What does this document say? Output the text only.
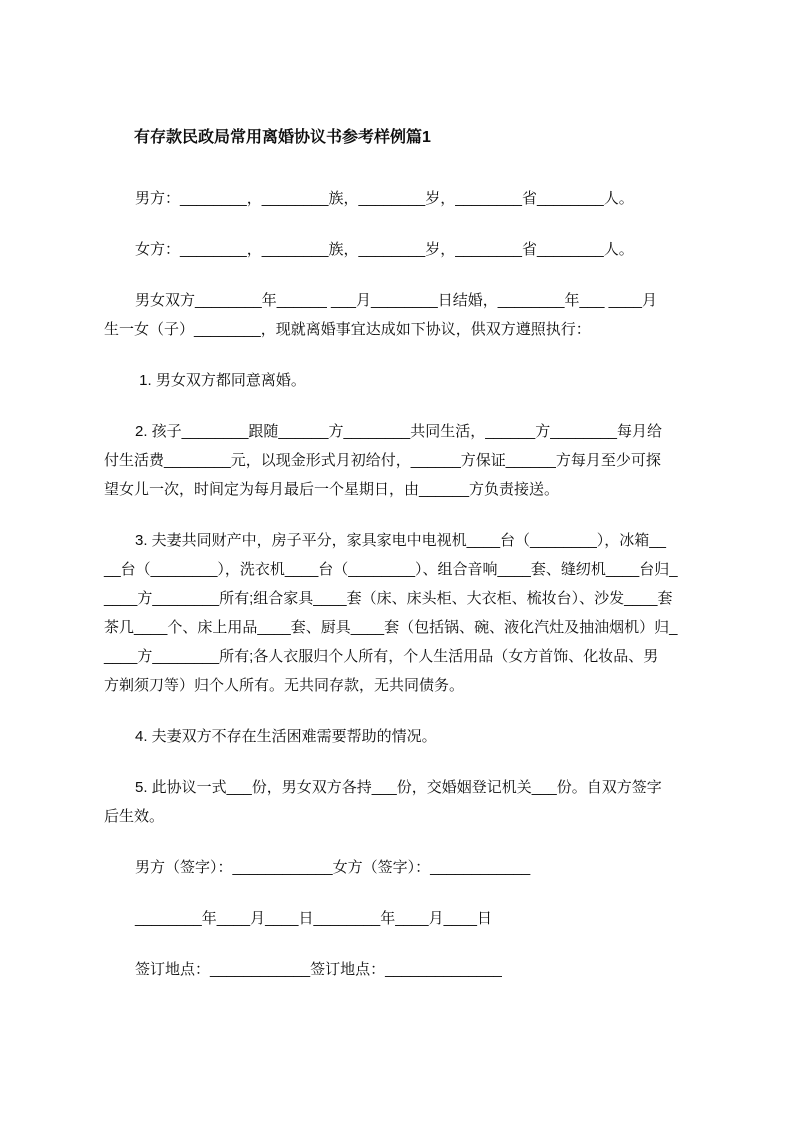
有存款民政局常用离婚协议书参考样例篇1
男方：________，________族，________岁，________省________人。
女方：________，________族，________岁，________省________人。
男女双方________年______ ___月________日结婚，________年___ ____月
生一女（子）________，现就离婚事宜达成如下协议，供双方遵照执行：
1. 男女双方都同意离婚。
2. 孩子________跟随______方________共同生活，______方________每月给
付生活费________元，以现金形式月初给付，______方保证______方每月至少可探
望女儿一次，时间定为每月最后一个星期日，由______方负责接送。
3. 夫妻共同财产中，房子平分，家具家电中电视机____台（________），冰箱__
__台（________），洗衣机____台（________）、组合音响____套、缝纫机____台归_
____方________所有;组合家具____套（床、床头柜、大衣柜、梳妆台）、沙发____套
茶几____个、床上用品____套、厨具____套（包括锅、碗、液化汽灶及抽油烟机）归_
____方________所有;各人衣服归个人所有，个人生活用品（女方首饰、化妆品、男
方剃须刀等）归个人所有。无共同存款，无共同债务。
4. 夫妻双方不存在生活困难需要帮助的情况。
5. 此协议一式___份，男女双方各持___份，交婚姻登记机关___份。自双方签字
后生效。
男方（签字）：____________女方（签字）：____________
________年____月____日________年____月____日
签订地点：____________签订地点：______________
